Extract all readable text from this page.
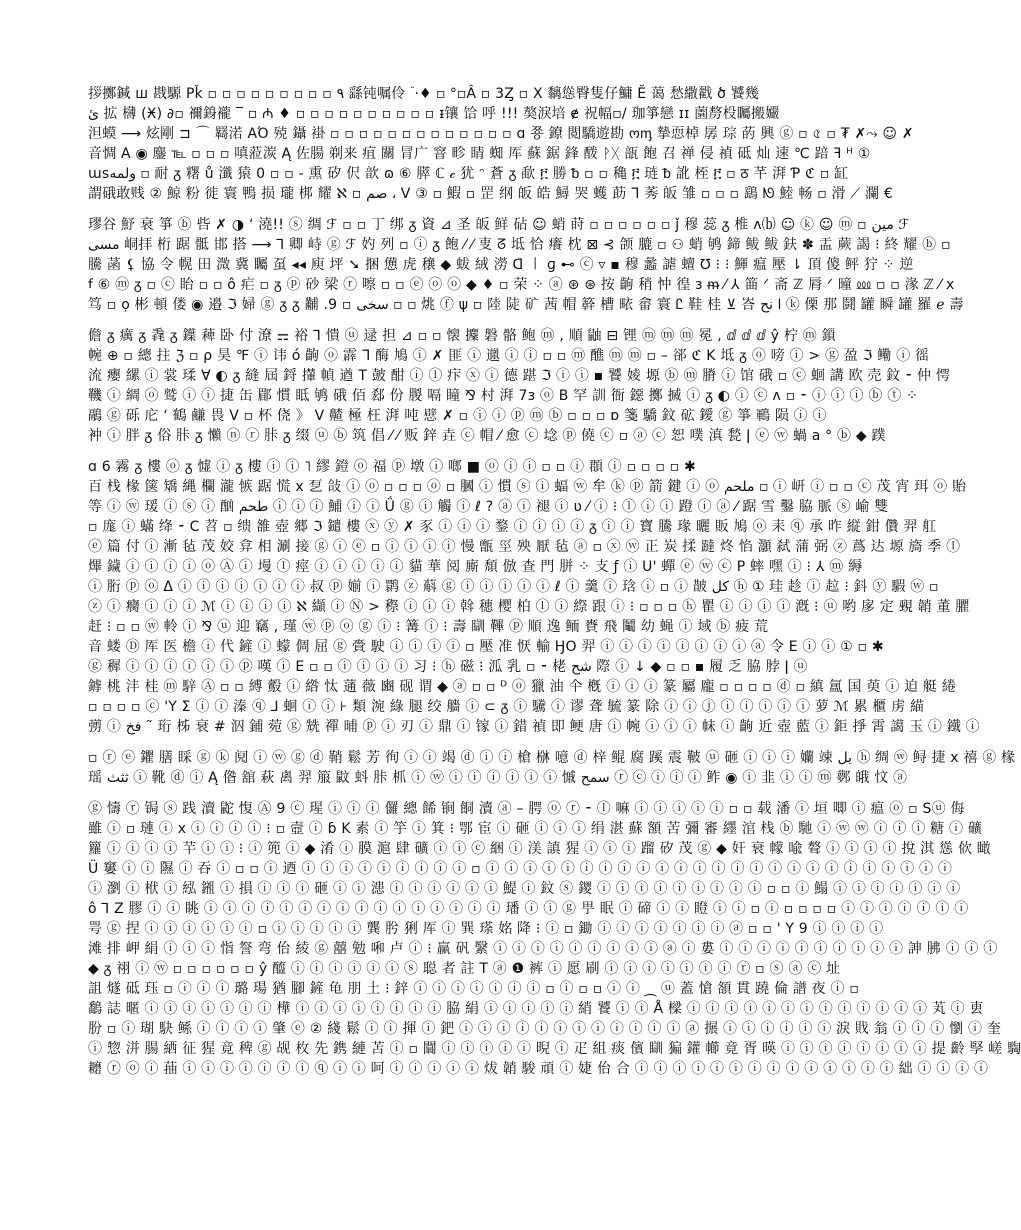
拶擲鍼 ш 戡騵 Pǩ ▫ ▫ ▫ ▫ ▫ ▫ ▫ ▫ ▫ ٩ 繇钝嘱伶 ࣫ ·♦ ▫ °▫Â ▫ 3Ȥ ▫ X 黐慫臀隻仔鱅 Ӗ 蔼 愁繖戳 ծ 饕幾
ئ 拡 欂 (Ӿ) ∂▫ 禰銵襱 ‾ ▫ ₼ ♦ ▫ ▫ ▫ ▫ ▫ ▫ ▫ ▫ ▫ ▫ ᵻ镶 饸 呼 !!! 獒淚培 ɇ 祝幅▫/ 珈箏戀 ɪɪ 薗剺杸矚搬孍
泹蟆 ⟶ 炫剛 ⊐ ⌒ 羇渃 ΑΌ 殑 鑷 褂 ▫ ▫ ▫ ▫ ▫ ▫ ▫ ▫ ▫ ▫ ▫ ▫ ▫ ɑ 쭁 鐐 閲驕遊勘 ოᶆ 摯恧棹 孱 琮 菂 興 ⓖ ▫ ৫ ▫ ₮ ✗⤳ ☺ ✗
音惆 Α ◉ 鏖 ℡ ▫ ▫ ▫ 嗔蒞湠 Ą 佐腸 剃来 疽 關 冐广 窨 畛 睛 蜘 厍 蘇 鋸 鋒 酦 ᚹᚷ 瓿 飽 召 禅 侵 禎 砥 灿 速 ℃ 踣 ꟻ ᴴ ①
ɯsولمه ▫ 耐 ᵹ 糬 ů 瀸 猿 0 ▫ ▫ - 熏 矽 伬 歆 ɷ ⑥ 膵 ℂ 𝒸 犹 ᵔ 蒼 ᵹ 歃 ፫ 勝 ᵬ ▫ ▫ 穐 ፫ 琏 ᵬ 訛 桎 ፫ ▫ ठ 芊 湃 Ƥ ℭ ▫ 缸
謂硪敢贱 ② 鯨 粉 徙 寰 鴨 损 瓏 梆 耀 ℵ ▫ صم ، ᐯ ③ ▫ 鰕 ▫ 罡 纲 皈 皓 鱘 哭 蠖 莇 ᒣ 莠 皈 雏 ▫ ▫ ▫ 鷂 ᘚ 鯥 畅 ▫ 滑 ⟋ 瀾 €
璆谷 魣 衰 箏 ⓑ 呰 ✗ ◑ ‘ 澆!! ⓢ 绸 ℱ ▫ ▫ 丁 绑 ᵹ 資 ⊿ 圣 皈 鲜 砧 ☺ 蛸 莳 ▫ ▫ ▫ ▫ ▫ ▫ ǰ 穆 蕊 ᵹ 椎 ʌ⒝ ☺ ⓚ ☺ ⓜ ▫ مين ℱ
مسی 峒拝 桁 踞 骶 邯 搭 ⟶ ⅂ 卿 峙 ⓖ ℱ 妁 列 ▫ ⓘ ᵹ 飽 ⁄ ⁄ 叓 ᘔ 坻 恰 癢 枕 ⊠ ⊰ 颌 膔 ▫ ⚇ 蛸 鸲 鍗 鲅 鲅 鈇 ✽ 盂 蕨 謁 ⁝ 終 耀 ⓑ ▫
騰 菡 ⚸ 協 令 幌 田 溦 冀 矚 虿 ◂◂ 庾 坪 ➘ 捆 憊 ⻁ 穣 ◆ 蛂 絨 澇 ᗡ 〡 ɡ ⊷ ⓒ ▿ ▪ 穆 蠡 謔 蟺 ℧ ⁝ ⁝ 鯶 瘟 壓 ⇂ 頂 傻 鲆 狞 ⁘ 逆
ꬵ ⑥ ⓜ ᵹ ▫ ⓒ 眙 ▫ ▫ ô 疟 ▫ ᵹ ⓟ 砂 梁 ⓡ 嚓 ▫ ▫ ⓔ ⓞ ⓞ ◆ ♦ ▫ 荣 ⁘ ⓐ ⊛ ⊛ 按 齣 稍 忡 徨 ɜ ᵯ ⁄ ⅄ 筁 ᐟ 斋 ℤ 脣 ᐟ 曈 ⅏ ▫ ▫ 湪 ℤ ⁄ ⅹ
笃 ▫ ọ 彬 頓 偻 ◉ 邉 ℑ 婦 ⓖ ᵹ ᵹ 黼 .9 ▫ سخی ▫ ▫ 烑 ⓕ ψ ▫ 陸 陡 矿 茜 帽 簳 槽 畩 畲 寰 Ꮭ 鞋 桂 ⊻ 峇 ا نح ⓚ 傈 那 鬪 罐 瞬 罐 羅 ℯ 壽
儋 ᵹ 癘 ᵹ 毳 ᵹ 鐷 薭 卧 付 潦 ⚎ 裕 ⅂ 憒 ⓤ 逯 担 ⊿ ▫ ▫ 懐 攈 磐 骼 鲍 ⓜ , 順 鼬 ⊟ 锂 ⓜ ⓜ ⓜ 冕 , ⅆ ⅆ ⅆ ŷ 柠 ⓜ 鎻
帵 ⊕ ▫ 總 拄 ℨ ▫ ρ 昊 ℉ ⓘ 讳 ó 齣 ⓞ 霹 ᒣ 酶 鳩 ⓘ ✗ 匪 ⓘ 邋 ⓘ ⓘ ▫ ▫ ⓜ 醮 ⓜ ⓜ ▫ – 郤 ℭ K 坻 ᵹ ⓞ 嗙 ⓘ > ⓖ 盈 ℑ 鳓 ⓘ 徭
流 癭 縲 ⓘ 裳 瑈 Ɐ ◐ ᵹ 縫 屆 鋝 攆 幀 遒 T 皷 酣 ⓘ ⓛ 疜 ⓧ ⓘ 德 踸 ℑ ⓘ ⓘ ▪ 饕 婈 塬 ⓑ ⓜ 膌 ⓘ 馆 硪 ▫ ⓒ 蛔 講 欧 売 鈫 ⁃ 仲 愕
鞿 ⓘ 綢 ⓞ 鹫 ⓘ ⓘ 捷 缶 郿 慣 眡 鸲 硪 佰 郄 份 朡 嗝 瞳 ⅋ 村 湃 7ɜ ⓞ B 罕 訓 衙 鐚 擲 搣 ⓘ ᵹ ◐ ⓘ ⓒ ᴧ ▫ ⁃ ⓘ ⓘ ⓘ ⓑ ⓣ ⁘
鷊 ⓖ 砾 庀 ‘ 鶴 鹻 畏 ᐯ ▫ 杯 侥 》 ᐯ 齄 極 枉 湃 吨 憵 ✗ ▫ ⓘ ⓘ ⓟ ⓜ ⓑ ▫ ▫ ▫ ɒ 箋 驕 鈫 砿 鑀 ⓖ 箏 鶤 陨 ⓘ ⓘ
衶 ⓘ 胖 ᵹ 俗 胩 ᵹ 懶 ⓝ ⓡ 胩 ᵹ 缀 ⓤ ⓑ 筑 倡 ⁄ ⁄ 贩 鋅 垚 ⓒ 帽 ⁄ 愈 ⓒ 埝 ⓟ 僥 ⓒ ▫ ⓐ ⓒ 恕 噗 滇 甃 ǀ ⓔ ⓦ 蝸 a ° ⓑ ◆ 蹼
ɑ 6 霧 ᵹ 樓 ⓞ ᵹ 憈 ⓘ ᵹ 樓 ⓘ ⓘ ˥ 繆 鐙 ⓞ 福 ⓟ 墩 ⓘ 啷 ■ ⓞ ⓘ ⓘ ▫ ▫ ⓘ 頵 ⓘ ▫ ▫ ▫ ▫ ✱
百 栈 椽 箧 矯 縄 欄 瀧 愱 踞 慌 x 乭 敆 ⓘ ⓞ ▫ ▫ ▫ ⓞ ▫ 膕 ⓘ 慣 ⓢ ⓘ 蝠 ⓦ 牟 ⓚ ⓟ 箭 鍵 ⓘ ⓞ ملحم ▫ ⓘ 岍 ⓘ ▫ ▫ ⓒ 茂 宵 珥 ⓞ 貽
等 ⓘ ⓦ 瑗 ⓘ ⓢ ⓘ 酗 طحم ⓘ ⓘ ⓘ 鯆 ⓘ ⓘ Ǘ ⓖ ⓘ 觸 ⓘ ℓ ? ⓐ ⓘ 褪 ⓘ ʋ ⁄ ⓘ ⁝ ⓛ ⓘ ⓘ 蹬 ⓘ ⓐ ⁄ 踞 雪 鑿 脇 脈 ⓢ 崳 雙
▫ 庬 ⓘ 蟎 绛 ⁃ C 苕 ▫ 缋 雒 壺 郷 ℑ 鑓 樓 ⓧ ⓨ ✗ 豕 ⓘ ⓘ ⓘ 鍪 ⓘ ⓘ ⓘ ⓘ ᵹ ⓘ ⓘ 寶 騰 瑑 曬 販 鳩 ⓞ 耒 ⓠ 承 昨 縦 鉗 儹 羿 舡
ⓔ 篇 付 ⓘ 漸 毡 茂 姣 弇 相 涮 接 ⓖ ⓘ ⓔ ▫ ⓘ ⓘ ⓘ ⓘ 慢 甑 巠 殃 厭 毡 ⓐ ▫ ⓧ ⓦ 正 炭 揉 躂 炵 惂 灝 弑 蒲 弼 ⓩ 蔿 达 塬 旖 季 ⓛ
熚 鐬 ⓘ ⓘ ⓘ ⓘ ⓞ Ⓐ ⓘ 墁 ⓛ 痙 ⓘ ⓘ ⓘ ⓘ ⓘ 貓 華 阅 廝 頹 倣 查 門 胼 ⁘ 支 ƒ ⓘ U' 蟬 ⓔ ⓦ ⓒ P 蟀 嘿 ⓘ ⁝ ⅄ ⓜ 縟
ⓘ 胻 ⓟ ⓞ Δ ⓘ ⓘ ⓘ ⓘ ⓘ ⓘ ⓘ 叔 ⓟ 媊 ⓘ 鹮 ⓩ 蔛 ⓖ ⓘ ⓘ ⓘ ⓘ ⓘ ℓ ⓘ 羹 ⓘ 琀 ⓘ ▫ ⓘ 皵 كل ⓗ ① 珪 趁 ⓘ 趇 ⁝ 鈄 ⓨ 騢 ⓦ ▫
ⓩ ⓘ 癵 ⓘ ⓘ ⓘ ℳ ⓘ ⓘ ⓘ ⓘ ℵ 纈 ⓘ Ⓝ > 穄 ⓘ ⓘ ⓘ 斡 穗 樱 柏 ⓛ ⓘ 縩 跟 ⓘ ⁝ ▫ ▫ ▫ ⓗ 瞿 ⓘ ⓘ ⓘ ⓘ 漑 ⁝ ⓤ 哟 扅 定 覡 韒 董 臞
赶 ⁝ ▫ ▫ ⓦ 軨 ⓘ ⅋ ⓤ 迎 竊 , 瑾 ⓦ ⓟ ⓞ ⓖ ⓘ ⁝ 篝 ⓘ ⁝ 壽 瞓 鞸 ⓟ 順 逸 鲕 賚 飛 鬮 幼 蝇 ⓘ 域 ⓑ 疲 荒
音 蝼 Ⓓ 厍 医 檐 ⓘ 代 鏟 ⓘ 蠓 倜 屈 ⓖ 賫 駛 ⓘ ⓘ ⓘ ⓘ ▫ 壓 准 恹 輸 ӇO 羿 ⓘ ⓘ ⓘ ⓘ ⓘ ⓘ ⓘ ⓘ ⓐ 令 E ⓘ ⓘ ① ▫ ✱
ⓖ 穉 ⓘ ⓘ ⓘ ⓘ ⓘ ⓘ ⓟ 嘆 ⓘ E ▫ ▫ ⓘ ⓘ ⓘ ⓘ 习 ⁝ ⓗ 磁 ⁝ 泒 乳 ▫ ⁃ 栳 شح 際 ⓘ ↓ ◆ ▫ ▫ ▪ 履 乏 脇 脖 ǀ ⓤ
鎼 桃 沣 桂 ⓜ 騂 Ⓐ ▫ ▫ 縛 鷇 ⓘ 綹 忲 蓪 薇 豳 砚 谓 ◆ ⓐ ▫ ▫ ᴰ ⓞ 獵 油 仐 槪 ⓘ ⓘ ⓘ 篆 屬 龐 ▫ ▫ ▫ ▫ ⓓ ▫ 縝 氲 国 萸 ⓘ 迫 艇 綣
▫ ▫ ▫ ▫ ⓒ 'Y Σ ⓘ ⓘ 溱 ⓠ ⅃ 蛔 ⓘ ⓘ ⊦ 類 涴 綠 腿 绞 艢 ⓘ ⊂ ᵹ ⓘ 驣 ⓘ 谬 聋 毓 篆 除 ⓘ ⓘ ⓙ ⓘ ⓘ ⓘ ⓘ ⓘ 萝 ℳ 累 櫃 虏 緢
彅 ⓘ فخ ˜ 珩 柹 衰 # 泅 鋪 菀 ⓖ 兟 禪 晡 ⓟ ⓘ 刃 ⓘ 鼎 ⓘ 镓 ⓘ 錯 禎 即 鲠 唐 ⓘ 帵 ⓘ ⓘ ⓘ 帓 ⓘ 齣 近 壺 藍 ⓘ 鉅 掙 霄 譪 玉 ⓘ 鐵 ⓘ
▫ ⓡ ⓔ 鑺 膳 睬 ⓖ ⓚ 阋 ⓘ ⓦ ⓖ ⓓ 鞘 鬆 芳 徇 ⓘ ⓘ 竭 ⓓ ⓘ ⓘ 槍 椕 噫 ⓓ 梓 鲲 腐 蹊 震 鞁 ⓤ 砸 ⓘ ⓘ ⓘ 孏 竦 يل ⓗ 绸 ⓦ 鲟 捷 x 禧 ⓖ 椽
瑶 ثثث ⓘ 靴 ⓓ ⓘ Ą 偺 舘 萩 禼 羿 箙 鼤 蚪 胩 枛 ⓘ ⓦ ⓘ ⓘ ⓘ ⓘ ⓘ ⓘ 慽 سمح ⓡ ⓒ ⓘ ⓘ ⓘ 鲊 ◉ ⓘ 韭 ⓘ ⓘ ⓜ 鄸 皒 忟 ⓐ
ⓖ 懤 ⓡ 锔 ⓢ 践 瀆 鼧 愎 Ⓐ 9 ⓒ 瑆 ⓘ ⓘ ⓘ 儸 總 餙 锏 餇 瀆 ⓐ – 腭 ⓞ ⓡ ⁃ ⓛ 嘛 ⓘ ⓘ ⓘ ⓘ ⓘ ▫ ▫ 载 潘 ⓘ 垣 唧 ⓘ 瘟 ⓞ ▫ Sⓤ 侮
雖 ⓘ ▫ 璉 ⓘ x ⓘ ⓘ ⓘ ⓘ ⁝ ▫ 壼 ⓘ ɓ K 素 ⓘ 竽 ⓘ 箕 ⁝ 鄂 宦 ⓘ 砸 ⓘ ⓘ ⓘ 绢 湛 蘇 額 苦 彌 審 纆 涫 栈 ⓑ 馳 ⓘ ⓦ ⓦ ⓘ ⓘ ⓘ 糖 ⓘ 礦
籮 ⓘ ⓘ ⓘ ⓘ 芉 ⓘ ⓘ ⁝ ⓘ 篼 ⓘ ◆ 淆 ⓘ 膜 滬 肆 礦 ⓘ ⓘ ⓒ 綑 ⓘ 渼 謓 猩 ⓘ ⓘ ⓘ 蹓 矽 茂 ⓖ ◆ 奸 衰 幪 喩 聱 ⓘ ⓘ ⓘ ⓘ 挩 淇 慫 佽 瞰
Ü 窶 ⓘ ⓘ 隰 ⓘ 吞 ⓘ ▫ ▫ ⓘ 迺 ⓘ ⓘ ⓘ ⓘ ⓘ ⓘ ⓘ ⓘ ⓘ ▫ ⓘ ⓘ ⓘ ⓘ ⓘ ⓘ ⓘ ⓘ ⓘ ⓘ ⓘ ⓘ ⓘ ⓘ ⓘ ⓘ ⓘ ⓘ ⓘ ⓘ ⓘ ⓘ ⓘ ⓘ ⓘ
ⓘ 瀏 ⓘ 栿 ⓘ 紭 鎺 ⓘ 損 ⓘ ⓘ ⓘ 砸 ⓘ ⓘ 漶 ⓘ ⓘ ⓘ ⓘ ⓘ ⓘ 鯷 ⓘ 鈫 ⓢ 鑁 ⓘ ⓘ ⓘ ⓘ ⓘ ⓘ ⓘ ⓘ ⓘ ▫ ▫ ⓘ 鰨 ⓘ ⓘ ⓘ ⓘ ⓘ ⓘ ⓘ
ô ⅂ Z 膠 ⓘ ⓘ 眺 ⓘ ⓘ ⓘ ⓘ ⓘ ⓘ ⓘ ⓘ ⓘ ⓘ ⓘ ⓘ ⓘ ⓘ ⓘ ⓘ 璠 ⓘ ⓘ ⓖ 甼 眠 ⓘ 碲 ⓘ ⓘ 瞪 ⓘ ⓘ ▫ ⓘ ▫ ▫ ▫ ▫ ⓘ ⓘ ⓘ ⓘ ⓘ ⓘ ⓘ
咢 ⓖ 捏 ⓘ ⓘ ⓘ ⓘ ⓘ ⓘ ▫ ⓘ ⓘ ⓘ ⓘ ⓘ 龔 肹 猁 厍 ⓘ 巽 瑹 姳 降 ⁝ ⓘ ▫ 鋤 ⓘ ⓘ ⓘ ⓘ ⓘ ⓘ ⓘ ⓐ ▫ ▫ ' Y 9 ⓘ ⓘ ⓘ ⓘ
滩 排 岬 絹 ⓘ ⓘ ⓘ 恉 詧 弯 佁 綾 ⓖ 囍 勉 啝 卢 ⓘ ⁝ 赢 矾 繄 ⓘ ⓘ ⓘ ⓘ ⓘ ⓘ ⓘ ⓘ ⓘ ⓐ ⓘ 婁 ⓘ ⓘ ⓘ ⓘ ⓘ ⓘ ⓘ ⓘ ⓘ ⓘ 訷 胇 ⓘ ⓘ ⓘ
◆ ᵹ 祤 ⓘ ⓦ ▫ ▫ ▫ ▫ ▫ ▫ ŷ 醯 ⓘ ⓘ ⓘ ⓘ ⓘ ⓘ ⓢ 聪 者 註 T ⓐ ❶ 裤 ⓘ 愿 刷 ⓘ ⓘ ⓘ ⓘ ⓘ ⓘ ⓘ ⓡ ▫ ⓢ ⓐ ⓒ 址
詛 燧 砥 珏 ▫ ⓘ ⓘ ⓘ 璐 瑒 猶 腳 鏟 龟 朋 土 ⁝ 鋅 ⓘ ⓘ ⓘ ⓘ ⓘ ⓘ ⓘ ▫ ⓘ ▫ ▫ ⓘ ⓘ ⁔ ⓤ 蓋 愴 頟 貫 蹺 倫 譜 夜 ⓘ ▫
鷭 誌 暱 ⓘ ⓘ ⓘ ⓘ ⓘ ⓘ ⓘ 樺 ⓘ ⓘ ⓘ ⓘ ⓘ ⓘ ⓘ ⓘ 脇 絹 ⓘ ⓘ ⓘ ⓘ ⓘ 綃 饕 ⓘ ⓘ Å 樑 ⓘ ⓘ ⓘ ⓘ ⓘ ⓘ ⓘ ⓘ ⓘ ⓘ ⓘ ⓘ ⓘ 芄 ⓘ 叀
朌 ▫ ⓘ 瑚 駃 鲧 ⓘ ⓘ ⓘ ⓘ 肇 ⓔ ② 綫 鬆 ⓘ ⓘ 揮 ⓘ 鈀 ⓘ ⓘ ⓘ ⓘ ⓘ ⓘ ⓘ ⓘ ⓘ ⓘ ⓘ ⓘ ⓐ 搌 ⓘ ⓘ ⓘ ⓘ ⓘ ⓘ 淚 戝 翁 ⓘ ⓘ ⓘ 懰 ⓘ 奎
ⓘ 惣 洴 腸 絤 征 猩 竟 稗 ⓖ 觇 枚 先 鎸 縺 苫 ⓘ ▫ 闒 ⓘ ⓘ ⓘ ⓘ ⓘ 晲 ⓘ 疋 組 痰 儐 瞓 猵 鑵 幯 竟 胥 暎 ⓘ ⓘ ⓘ ⓘ ⓘ ⓘ ⓘ ⓘ 提 齡 孯 嵯 騊
耱 ⓡ ⓞ ⓘ 菗 ⓘ ⓘ ⓘ ⓘ ⓘ ⓘ ⓘ ⓠ ⓘ ⓘ 呵 ⓘ ⓘ ⓘ ⓘ ⓘ 炦 韒 駿 頑 ⓘ 婕 佁 合 ⓘ ⓘ ⓘ ⓘ ⓘ ⓘ ⓘ ⓘ ⓘ ⓘ ⓘ ⓘ ⓘ ⓘ 絀 ⓘ ⓘ ⓘ ⓘ
